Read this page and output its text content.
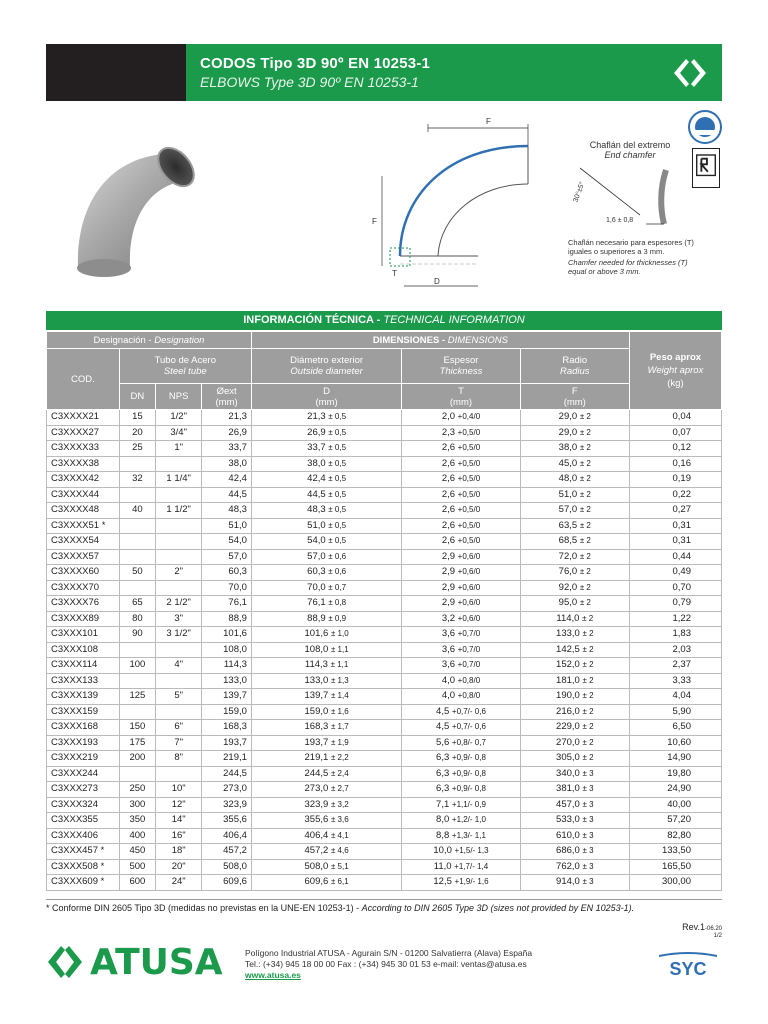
CODOS Tipo 3D 90º EN 10253-1
ELBOWS Type 3D 90º EN 10253-1
F
F
T
D
Chaflán del extremo
End chamfer
30°±5°
1,6 ± 0,8
Chaflán necesario para espesores (T) iguales o superiores a 3 mm.
Chamfer needed for thicknesses (T) equal or above 3 mm.
INFORMACIÓN TÉCNICA - TECHNICAL INFORMATION
Designación - Designation				DIMENSIONES - DIMENSIONS			Peso aprox
Weight aprox
(kg)
COD.	Tubo de Acero
Steel tube			Diámetro exterior
Outside diameter	Espesor
Thickness	Radio
Radius	
	DN	NPS	Øext
(mm)	D
(mm)	T
(mm)	F
(mm)	
C3XXXX21	15	1/2"	21,3	21,3 ± 0,5	2,0 +0,4/0	29,0 ± 2	0,04
C3XXXX27	20	3/4"	26,9	26,9 ± 0,5	2,3 +0,5/0	29,0 ± 2	0,07
C3XXXX33	25	1"	33,7	33,7 ± 0,5	2,6 +0,5/0	38,0 ± 2	0,12
C3XXXX38			38,0	38,0 ± 0,5	2,6 +0,5/0	45,0 ± 2	0,16
C3XXXX42	32	1 1/4"	42,4	42,4 ± 0,5	2,6 +0,5/0	48,0 ± 2	0,19
C3XXXX44			44,5	44,5 ± 0,5	2,6 +0,5/0	51,0 ± 2	0,22
C3XXXX48	40	1 1/2"	48,3	48,3 ± 0,5	2,6 +0,5/0	57,0 ± 2	0,27
C3XXXX51 *			51,0	51,0 ± 0,5	2,6 +0,5/0	63,5 ± 2	0,31
C3XXXX54			54,0	54,0 ± 0,5	2,6 +0,5/0	68,5 ± 2	0,31
C3XXXX57			57,0	57,0 ± 0,6	2,9 +0,6/0	72,0 ± 2	0,44
C3XXXX60	50	2"	60,3	60,3 ± 0,6	2,9 +0,6/0	76,0 ± 2	0,49
C3XXXX70			70,0	70,0 ± 0,7	2,9 +0,6/0	92,0 ± 2	0,70
C3XXXX76	65	2 1/2"	76,1	76,1 ± 0,8	2,9 +0,6/0	95,0 ± 2	0,79
C3XXXX89	80	3"	88,9	88,9 ± 0,9	3,2 +0,6/0	114,0 ± 2	1,22
C3XXX101	90	3 1/2"	101,6	101,6 ± 1,0	3,6 +0,7/0	133,0 ± 2	1,83
C3XXX108			108,0	108,0 ± 1,1	3,6 +0,7/0	142,5 ± 2	2,03
C3XXX114	100	4"	114,3	114,3 ± 1,1	3,6 +0,7/0	152,0 ± 2	2,37
C3XXX133			133,0	133,0 ± 1,3	4,0 +0,8/0	181,0 ± 2	3,33
C3XXX139	125	5"	139,7	139,7 ± 1,4	4,0 +0,8/0	190,0 ± 2	4,04
C3XXX159			159,0	159,0 ± 1,6	4,5 +0,7/- 0,6	216,0 ± 2	5,90
C3XXX168	150	6"	168,3	168,3 ± 1,7	4,5 +0,7/- 0,6	229,0 ± 2	6,50
C3XXX193	175	7"	193,7	193,7 ± 1,9	5,6 +0,8/- 0,7	270,0 ± 2	10,60
C3XXX219	200	8"	219,1	219,1 ± 2,2	6,3 +0,9/- 0,8	305,0 ± 2	14,90
C3XXX244			244,5	244,5 ± 2,4	6,3 +0,9/- 0,8	340,0 ± 3	19,80
C3XXX273	250	10"	273,0	273,0 ± 2,7	6,3 +0,9/- 0,8	381,0 ± 3	24,90
C3XXX324	300	12"	323,9	323,9 ± 3,2	7,1 +1,1/- 0,9	457,0 ± 3	40,00
C3XXX355	350	14"	355,6	355,6 ± 3,6	8,0 +1,2/- 1,0	533,0 ± 3	57,20
C3XXX406	400	16"	406,4	406,4 ± 4,1	8,8 +1,3/- 1,1	610,0 ± 3	82,80
C3XXX457 *	450	18"	457,2	457,2 ± 4,6	10,0 +1,5/- 1,3	686,0 ± 3	133,50
C3XXX508 *	500	20"	508,0	508,0 ± 5,1	11,0 +1,7/- 1,4	762,0 ± 3	165,50
C3XXX609 *	600	24"	609,6	609,6 ± 6,1	12,5 +1,9/- 1,6	914,0 ± 3	300,00
* Conforme DIN 2605 Tipo 3D (medidas no previstas en la UNE-EN 10253-1) - According to DIN 2605 Type 3D (sizes not provided by EN 10253-1).
Rev.1-06.20
1/2
ATUSA	Polígono Industrial ATUSA - Agurain S/N - 01200 Salvatierra (Alava) España
Tel.: (+34) 945 18 00 00 Fax : (+34) 945 30 01 53 e-mail: ventas@atusa.es
www.atusa.es	SYC
